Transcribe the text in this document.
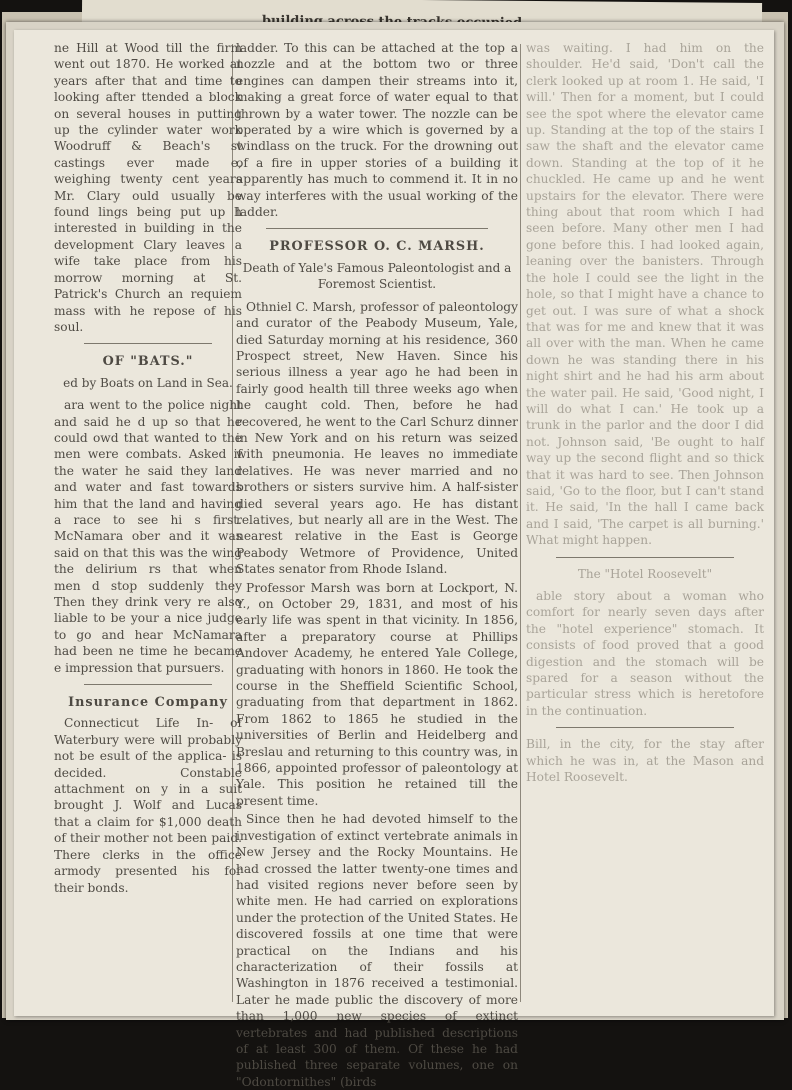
ne Hill at Wood till the firm went out 1870. He worked at years after that and time to looking after ttended a block on several houses in putting up the cylinder water work Woodruff & Beach's st castings ever made e, weighing twenty cent years Mr. Clary ould usually be found lings being put up h interested in building in the development Clary leaves a wife take place from his morrow morning at St. Patrick's Church an requiem mass with he repose of his soul.

OF "BATS."

ed by Boats on Land in Sea.

ara went to the police night and said he d up so that he could owd that wanted to the men were combats. Asked if the water he said they land and water and fast towards him that the land and having a race to see hi s first. McNamara ober and it was said on that this was the wing the delirium rs that when men d stop suddenly they Then they drink very re also liable to be your a nice judge to go and hear McNamara had been ne time he became e impression that pursuers.

Insurance Company

Connecticut Life In- of Waterbury were will probably not be esult of the applica- is decided. Constable attachment on y in a suit brought J. Wolf and Lucas that a claim for $1,000 death of their mother not been paid. There clerks in the office armody presented his for their bonds.

ladder. To this can be attached at the top a nozzle and at the bottom two or three engines can dampen their streams into it, making a great force of water equal to that thrown by a water tower. The nozzle can be operated by a wire which is governed by a windlass on the truck. For the drowning out of a fire in upper stories of a building it apparently has much to commend it. It in no way interferes with the usual working of the ladder.

PROFESSOR O. C. MARSH.

Death of Yale's Famous Paleontologist and a Foremost Scientist.

Othniel C. Marsh, professor of paleontology and curator of the Peabody Museum, Yale, died Saturday morning at his residence, 360 Prospect street, New Haven. Since his serious illness a year ago he had been in fairly good health till three weeks ago when he caught cold. Then, before he had recovered, he went to the Carl Schurz dinner in New York and on his return was seized with pneumonia. He leaves no immediate relatives. He was never married and no brothers or sisters survive him. A half-sister died several years ago. He has distant relatives, but nearly all are in the West. The nearest relative in the East is George Peabody Wetmore of Providence, United States senator from Rhode Island.

Professor Marsh was born at Lockport, N. Y., on October 29, 1831, and most of his early life was spent in that vicinity. In 1856, after a preparatory course at Phillips Andover Academy, he entered Yale College, graduating with honors in 1860. He took the course in the Sheffield Scientific School, graduating from that department in 1862. From 1862 to 1865 he studied in the universities of Berlin and Heidelberg and Breslau and returning to this country was, in 1866, appointed professor of paleontology at Yale. This position he retained till the present time.

Since then he had devoted himself to the investigation of extinct vertebrate animals in New Jersey and the Rocky Mountains. He had crossed the latter twenty-one times and had visited regions never before seen by white men. He had carried on explorations under the protection of the United States. He discovered fossils at one time that were practical on the Indians and his characterization of their fossils at Washington in 1876 received a testimonial. Later he made public the discovery of more than 1,000 new species of extinct vertebrates and had published descriptions of at least 300 of them. Of these he had published three separate volumes, one on "Odontornithes" (birds

was waiting. I had him on the shoulder. He'd said, 'Don't call the clerk looked up at room 1. He said, 'I will.' Then for a moment, but I could see the spot where the elevator came up. Standing at the top of the stairs I saw the shaft and the elevator came down. Standing at the top of it he chuckled. He came up and he went upstairs for the elevator. There were thing about that room which I had seen before. Many other men I had gone before this. I had looked again, leaning over the banisters. Through the hole I could see the light in the hole, so that I might have a chance to get out. I was sure of what a shock that was for me and knew that it was all over with the man. When he came down he was standing there in his night shirt and he had his arm about the water pail. He said, 'Good night, I will do what I can.' He took up a trunk in the parlor and the door I did not. Johnson said, 'Be ought to half way up the second flight and so thick that it was hard to see. Then Johnson said, 'Go to the floor, but I can't stand it. He said, 'In the hall I came back and I said, 'The carpet is all burning.' What might happen.

The "Hotel Roosevelt"

able story about a woman who comfort for nearly seven days after the "hotel experience" stomach. It consists of food proved that a good digestion and the stomach will be spared for a season without the particular stress which is heretofore in the continuation.

Bill, in the city, for the stay after which he was in, at the Mason and Hotel Roosevelt.
